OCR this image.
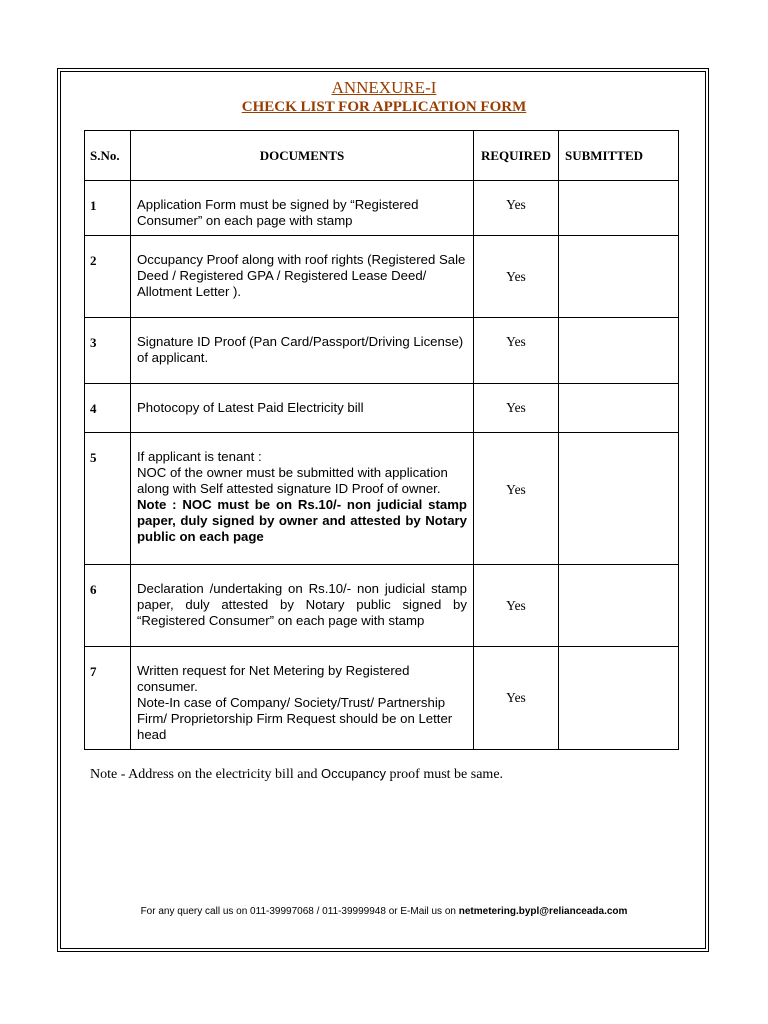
ANNEXURE-I
CHECK LIST FOR APPLICATION FORM
S.No.	DOCUMENTS	REQUIRED	SUBMITTED
1	Application Form must be signed by “Registered Consumer” on each page with stamp	Yes	
2	Occupancy Proof along with roof rights (Registered Sale Deed / Registered GPA / Registered Lease Deed/ Allotment Letter ).	Yes	
3	Signature ID Proof (Pan Card/Passport/Driving License) of applicant.	Yes	
4	Photocopy of Latest Paid Electricity bill	Yes	
5	If applicant is tenant :
NOC of the owner must be submitted with application along with Self attested signature ID Proof of owner.
Note : NOC must be on Rs.10/- non judicial stamp paper, duly signed by owner and attested by Notary public on each page	Yes	
6	Declaration /undertaking on Rs.10/- non judicial stamp paper, duly attested by Notary public signed by “Registered Consumer” on each page with stamp	Yes	
7	Written request for Net Metering by Registered consumer.
Note-In case of Company/ Society/Trust/ Partnership Firm/ Proprietorship Firm Request should be on Letter head	Yes	
Note - Address on the electricity bill and Occupancy proof must be same.
For any query call us on 011-39997068 / 011-39999948 or E-Mail us on netmetering.bypl@relianceada.com
